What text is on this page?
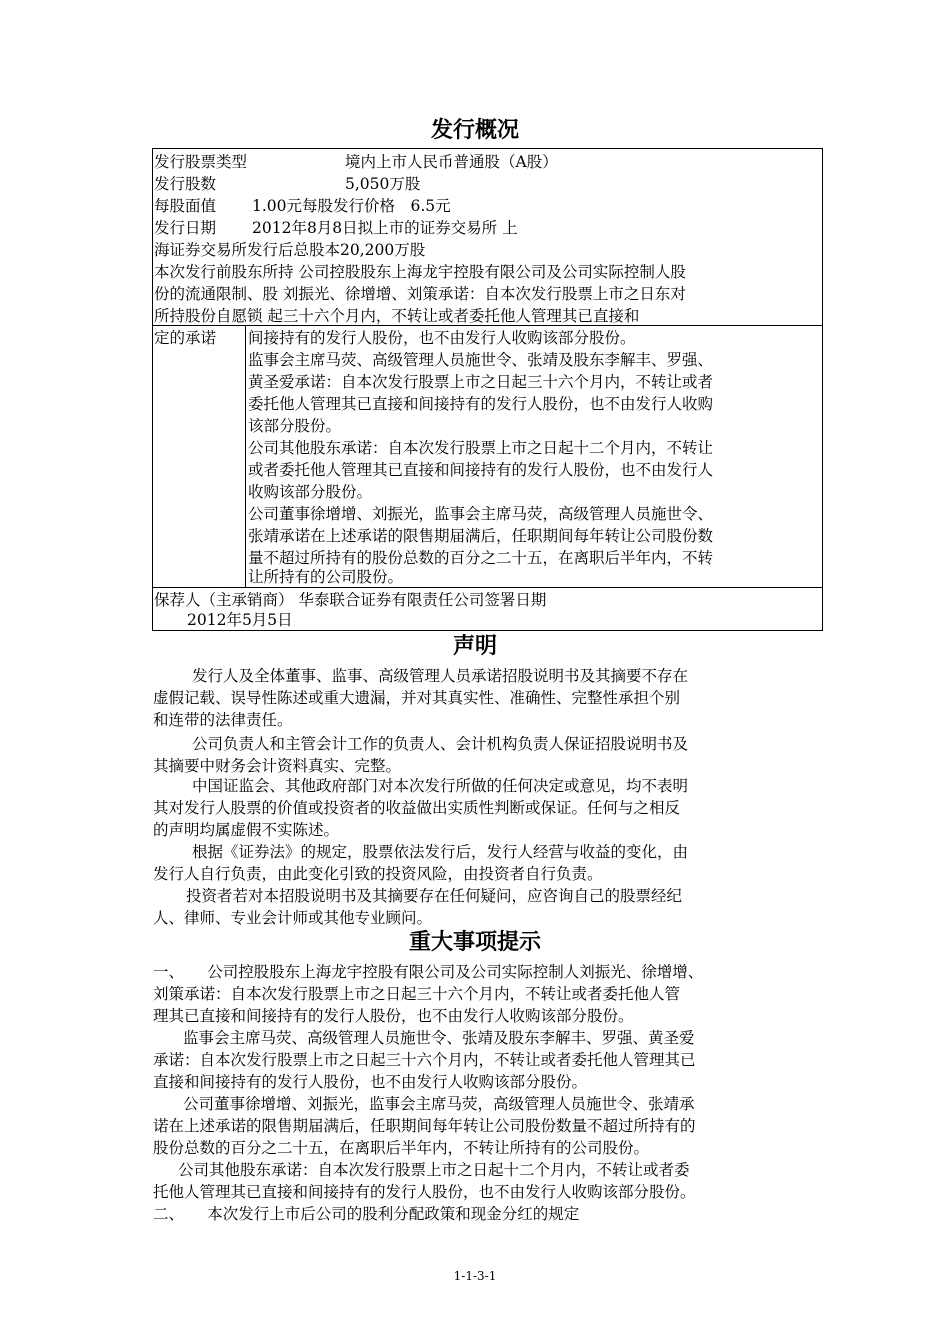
发行概况
发行股票类型	境内上市人民币普通股（A股）
发行股数	5,050万股
每股面值 1.00元每股发行价格　6.5元
发行日期 2012年8月8日拟上市的证券交易所 上
海证券交易所发行后总股本20,200万股
本次发行前股东所持 公司控股股东上海龙宇控股有限公司及公司实际控制人股
份的流通限制、股 刘振光、徐增增、刘策承诺：自本次发行股票上市之日东对
所持股份自愿锁 起三十六个月内，不转让或者委托他人管理其已直接和
定的承诺 间接持有的发行人股份，也不由发行人收购该部分股份。
监事会主席马荧、高级管理人员施世令、张靖及股东李解丰、罗强、
黄圣爱承诺：自本次发行股票上市之日起三十六个月内，不转让或者
委托他人管理其已直接和间接持有的发行人股份，也不由发行人收购
该部分股份。
公司其他股东承诺：自本次发行股票上市之日起十二个月内，不转让
或者委托他人管理其已直接和间接持有的发行人股份，也不由发行人
收购该部分股份。
公司董事徐增增、刘振光，监事会主席马荧，高级管理人员施世令、
张靖承诺在上述承诺的限售期届满后，任职期间每年转让公司股份数
量不超过所持有的股份总数的百分之二十五，在离职后半年内，不转
让所持有的公司股份。
保荐人（主承销商） 华泰联合证券有限责任公司签署日期
2012年5月5日
声明
发行人及全体董事、监事、高级管理人员承诺招股说明书及其摘要不存在
虚假记载、误导性陈述或重大遗漏，并对其真实性、准确性、完整性承担个别
和连带的法律责任。
公司负责人和主管会计工作的负责人、会计机构负责人保证招股说明书及
其摘要中财务会计资料真实、完整。
中国证监会、其他政府部门对本次发行所做的任何决定或意见，均不表明
其对发行人股票的价值或投资者的收益做出实质性判断或保证。任何与之相反
的声明均属虚假不实陈述。
根据《证券法》的规定，股票依法发行后，发行人经营与收益的变化，由
发行人自行负责，由此变化引致的投资风险，由投资者自行负责。
投资者若对本招股说明书及其摘要存在任何疑问，应咨询自己的股票经纪
人、律师、专业会计师或其他专业顾问。
重大事项提示
一、　　公司控股股东上海龙宇控股有限公司及公司实际控制人刘振光、徐增增、
刘策承诺：自本次发行股票上市之日起三十六个月内，不转让或者委托他人管
理其已直接和间接持有的发行人股份，也不由发行人收购该部分股份。
监事会主席马荧、高级管理人员施世令、张靖及股东李解丰、罗强、黄圣爱
承诺：自本次发行股票上市之日起三十六个月内，不转让或者委托他人管理其已
直接和间接持有的发行人股份，也不由发行人收购该部分股份。
公司董事徐增增、刘振光，监事会主席马荧，高级管理人员施世令、张靖承
诺在上述承诺的限售期届满后，任职期间每年转让公司股份数量不超过所持有的
股份总数的百分之二十五，在离职后半年内，不转让所持有的公司股份。
公司其他股东承诺：自本次发行股票上市之日起十二个月内，不转让或者委
托他人管理其已直接和间接持有的发行人股份，也不由发行人收购该部分股份。
二、　　本次发行上市后公司的股利分配政策和现金分红的规定
1-1-3-1
